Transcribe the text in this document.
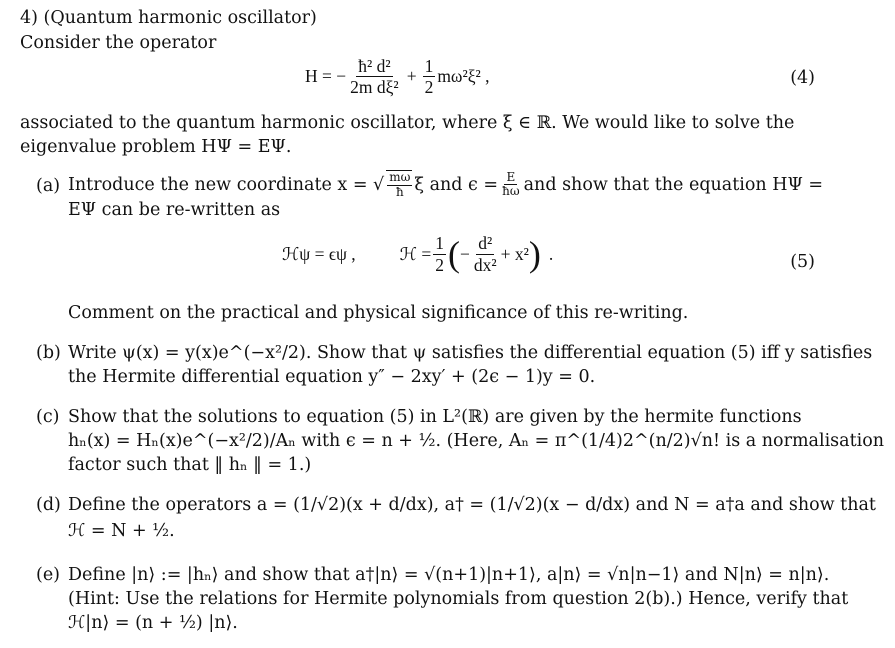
4) (Quantum harmonic oscillator)
Consider the operator
H = − $\frac{\text{ħ² d²}}{\text{2m dξ²}} + \frac{1}{2} m\omega^2\xi^2$ ,	(4)
associated to the quantum harmonic oscillator, where ξ ∈ ℝ. We would like to solve the
eigenvalue problem HΨ = EΨ.
(a) Introduce the new coordinate x = √ $\frac{m\omega}{ħ}$ ξ and $\epsilon = \frac{E}{ħ\omega}$ and show that the equation HΨ =
EΨ can be re-written as
ℋψ = ϵψ ,	ℋ = $\frac{1}{2}$ ( − $\frac{\text{d²}}{\text{dx²}} + x^2$ ) .	(5)
Comment on the practical and physical significance of this re-writing.
(b) Write ψ(x) = y(x)e^(−x²/2). Show that ψ satisfies the differential equation (5) iff y satisfies
the Hermite differential equation y″ − 2xy′ + (2ϵ − 1)y = 0.
(c) Show that the solutions to equation (5) in L²(ℝ) are given by the hermite functions
hₙ(x) = Hₙ(x)e^(−x²/2)/Aₙ with ϵ = n + ½. (Here, Aₙ = π^(1/4)2^(n/2)√n! is a normalisation
factor such that ‖ hₙ ‖ = 1.)
(d) Define the operators a = (1/√2)(x + d/dx), a† = (1/√2)(x − d/dx) and N = a†a and show that
ℋ = N + ½.
(e) Define |n⟩ := |hₙ⟩ and show that a†|n⟩ = √(n+1)|n+1⟩, a|n⟩ = √n|n−1⟩ and N|n⟩ = n|n⟩.
(Hint: Use the relations for Hermite polynomials from question 2(b).) Hence, verify that
ℋ|n⟩ = (n + ½) |n⟩.
